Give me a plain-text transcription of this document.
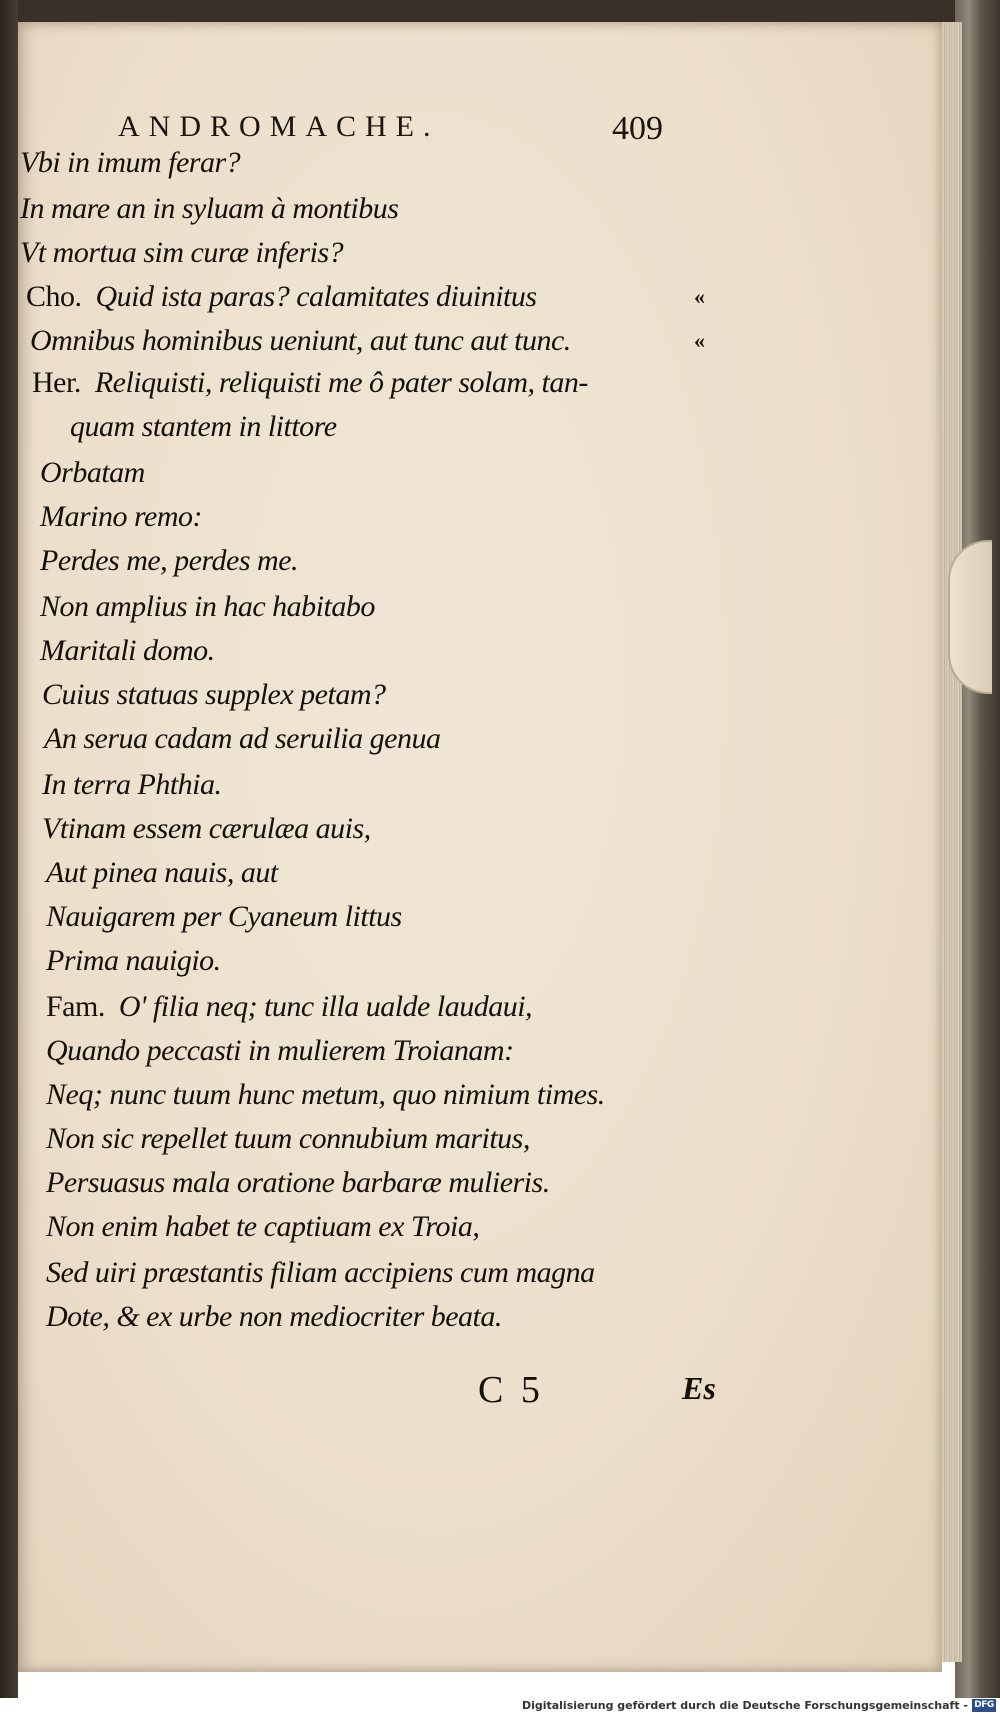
ANDROMACHE.	409
Vbi in imum ferar?
In mare an in syluam à montibus
Vt mortua sim curæ inferis?
Cho. Quid ista paras? calamitates diuinitus
Omnibus hominibus ueniunt, aut tunc aut tunc.
Her. Reliquisti, reliquisti me ô pater solam, tan-
quam stantem in littore
Orbatam
Marino remo:
Perdes me, perdes me.
Non amplius in hac habitabo
Maritali domo.
Cuius statuas supplex petam?
An serua cadam ad seruilia genua
In terra Phthia.
Vtinam essem cærulæa auis,
Aut pinea nauis, aut
Nauigarem per Cyaneum littus
Prima nauigio.
Fam. O' filia neq; tunc illa ualde laudaui,
Quando peccasti in mulierem Troianam:
Neq; nunc tuum hunc metum, quo nimium times.
Non sic repellet tuum connubium maritus,
Persuasus mala oratione barbaræ mulieris.
Non enim habet te captiuam ex Troia,
Sed uiri præstantis filiam accipiens cum magna
Dote, & ex urbe non mediocriter beata.
«
«
C 5	Es
Digitalisierung gefördert durch die Deutsche Forschungsgemeinschaft - DFG
